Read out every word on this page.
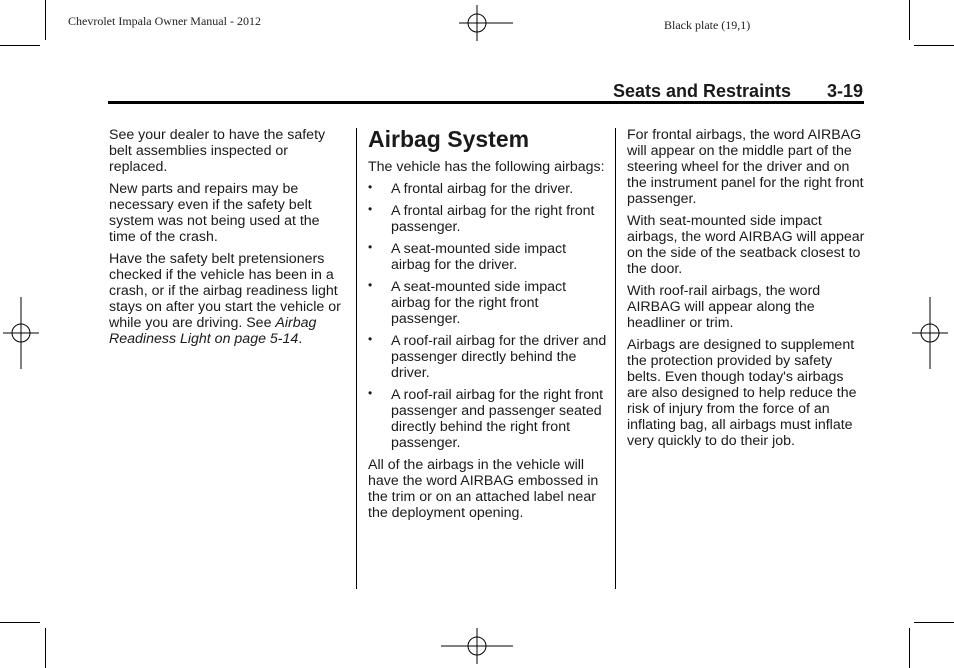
Chevrolet Impala Owner Manual - 2012	Black plate (19,1)
Seats and Restraints 3-19

See your dealer to have the safety belt assemblies inspected or replaced.

New parts and repairs may be necessary even if the safety belt system was not being used at the time of the crash.

Have the safety belt pretensioners checked if the vehicle has been in a crash, or if the airbag readiness light stays on after you start the vehicle or while you are driving. See Airbag Readiness Light on page 5-14.

Airbag System

The vehicle has the following airbags:

• A frontal airbag for the driver.
• A frontal airbag for the right front passenger.
• A seat-mounted side impact airbag for the driver.
• A seat-mounted side impact airbag for the right front passenger.
• A roof-rail airbag for the driver and passenger directly behind the driver.
• A roof-rail airbag for the right front passenger and passenger seated directly behind the right front passenger.

All of the airbags in the vehicle will have the word AIRBAG embossed in the trim or on an attached label near the deployment opening.

For frontal airbags, the word AIRBAG will appear on the middle part of the steering wheel for the driver and on the instrument panel for the right front passenger.

With seat-mounted side impact airbags, the word AIRBAG will appear on the side of the seatback closest to the door.

With roof-rail airbags, the word AIRBAG will appear along the headliner or trim.

Airbags are designed to supplement the protection provided by safety belts. Even though today's airbags are also designed to help reduce the risk of injury from the force of an inflating bag, all airbags must inflate very quickly to do their job.
